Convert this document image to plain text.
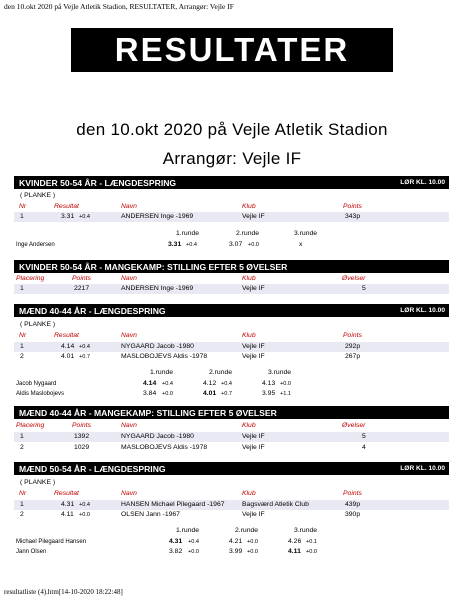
den 10.okt 2020 på Vejle Atletik Stadion, RESULTATER, Arrangør: Vejle IF
RESULTATER
den 10.okt 2020 på Vejle Atletik Stadion
Arrangør: Vejle IF
KVINDER 50-54 ÅR - LÆNGDESPRING	LØR KL. 10.00
( PLANKE )
Nr	Resultat	Navn	Klub	Points
1	3.31 +0.4	ANDERSEN Inge -1969	Vejle IF	343p
1.runde	2.runde	3.runde
Inge Andersen	3.31 +0.4	3.07 +0.0	x
KVINDER 50-54 ÅR - MANGEKAMP: STILLING EFTER 5 ØVELSER
Placering	Points	Navn	Klub	Øvelser
1	2217	ANDERSEN Inge -1969	Vejle IF	5
MÆND 40-44 ÅR - LÆNGDESPRING	LØR KL. 10.00
( PLANKE )
Nr	Resultat	Navn	Klub	Points
1	4.14 +0.4	NYGAARD Jacob -1980	Vejle IF	292p
2	4.01 +0.7	MASLOBOJEVS Aldis -1978	Vejle IF	267p
1.runde	2.runde	3.runde
Jacob Nygaard	4.14 +0.4	4.12 +0.4	4.13 +0.0
Aldis Maslobojevs	3.84 +0.0	4.01 +0.7	3.95 +1.1
MÆND 40-44 ÅR - MANGEKAMP: STILLING EFTER 5 ØVELSER
Placering	Points	Navn	Klub	Øvelser
1	1392	NYGAARD Jacob -1980	Vejle IF	5
2	1029	MASLOBOJEVS Aldis -1978	Vejle IF	4
MÆND 50-54 ÅR - LÆNGDESPRING	LØR KL. 10.00
( PLANKE )
Nr	Resultat	Navn	Klub	Points
1	4.31 +0.4	HANSEN Michael Pilegaard -1967	Bagsværd Atletik Club	439p
2	4.11 +0.0	OLSEN Jann -1967	Vejle IF	390p
1.runde	2.runde	3.runde
Michael Pilegaard Hansen	4.31 +0.4	4.21 +0.0	4.26 +0.1
Jann Olsen	3.82 +0.0	3.99 +0.0	4.11 +0.0
resultatliste (4).htm[14-10-2020 18:22:48]
